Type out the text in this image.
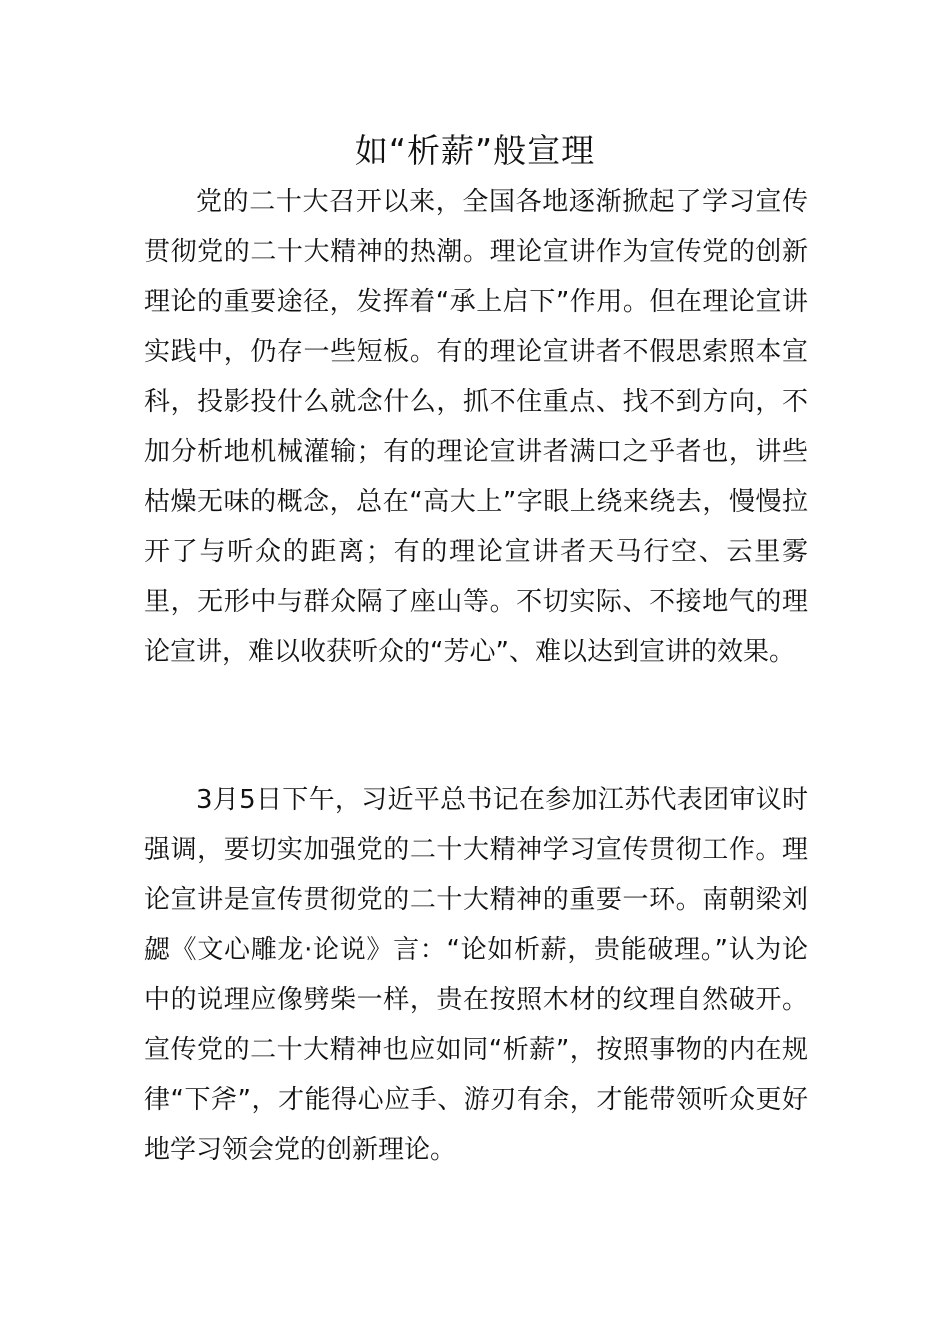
如“析薪”般宣理

党的二十大召开以来，全国各地逐渐掀起了学习宣传贯彻党的二十大精神的热潮。理论宣讲作为宣传党的创新理论的重要途径，发挥着“承上启下”作用。但在理论宣讲实践中，仍存一些短板。有的理论宣讲者不假思索照本宣科，投影投什么就念什么，抓不住重点、找不到方向，不加分析地机械灌输；有的理论宣讲者满口之乎者也，讲些枯燥无味的概念，总在“高大上”字眼上绕来绕去，慢慢拉开了与听众的距离；有的理论宣讲者天马行空、云里雾里，无形中与群众隔了座山等。不切实际、不接地气的理论宣讲，难以收获听众的“芳心”、难以达到宣讲的效果。

3月5日下午，习近平总书记在参加江苏代表团审议时强调，要切实加强党的二十大精神学习宣传贯彻工作。理论宣讲是宣传贯彻党的二十大精神的重要一环。南朝梁刘勰《文心雕龙·论说》言：“论如析薪，贵能破理。”认为论中的说理应像劈柴一样，贵在按照木材的纹理自然破开。宣传党的二十大精神也应如同“析薪”，按照事物的内在规律“下斧”，才能得心应手、游刃有余，才能带领听众更好地学习领会党的创新理论。
